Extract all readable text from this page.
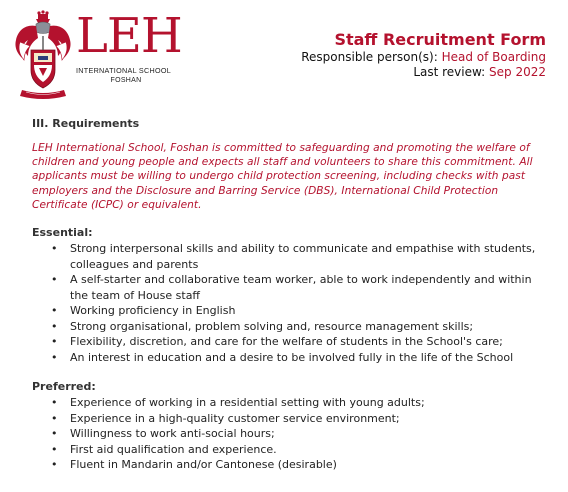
LEH
INTERNATIONAL SCHOOL
FOSHAN
Staff Recruitment Form
Responsible person(s): Head of Boarding
Last review: Sep 2022
III. Requirements

LEH International School, Foshan is committed to safeguarding and promoting the welfare of children and young people and expects all staff and volunteers to share this commitment. All applicants must be willing to undergo child protection screening, including checks with past employers and the Disclosure and Barring Service (DBS), International Child Protection Certificate (ICPC) or equivalent.

Essential:
• Strong interpersonal skills and ability to communicate and empathise with students, colleagues and parents
• A self-starter and collaborative team worker, able to work independently and within the team of House staff
• Working proficiency in English
• Strong organisational, problem solving and, resource management skills;
• Flexibility, discretion, and care for the welfare of students in the School's care;
• An interest in education and a desire to be involved fully in the life of the School
Preferred:
• Experience of working in a residential setting with young adults;
• Experience in a high-quality customer service environment;
• Willingness to work anti-social hours;
• First aid qualification and experience.
• Fluent in Mandarin and/or Cantonese (desirable)
